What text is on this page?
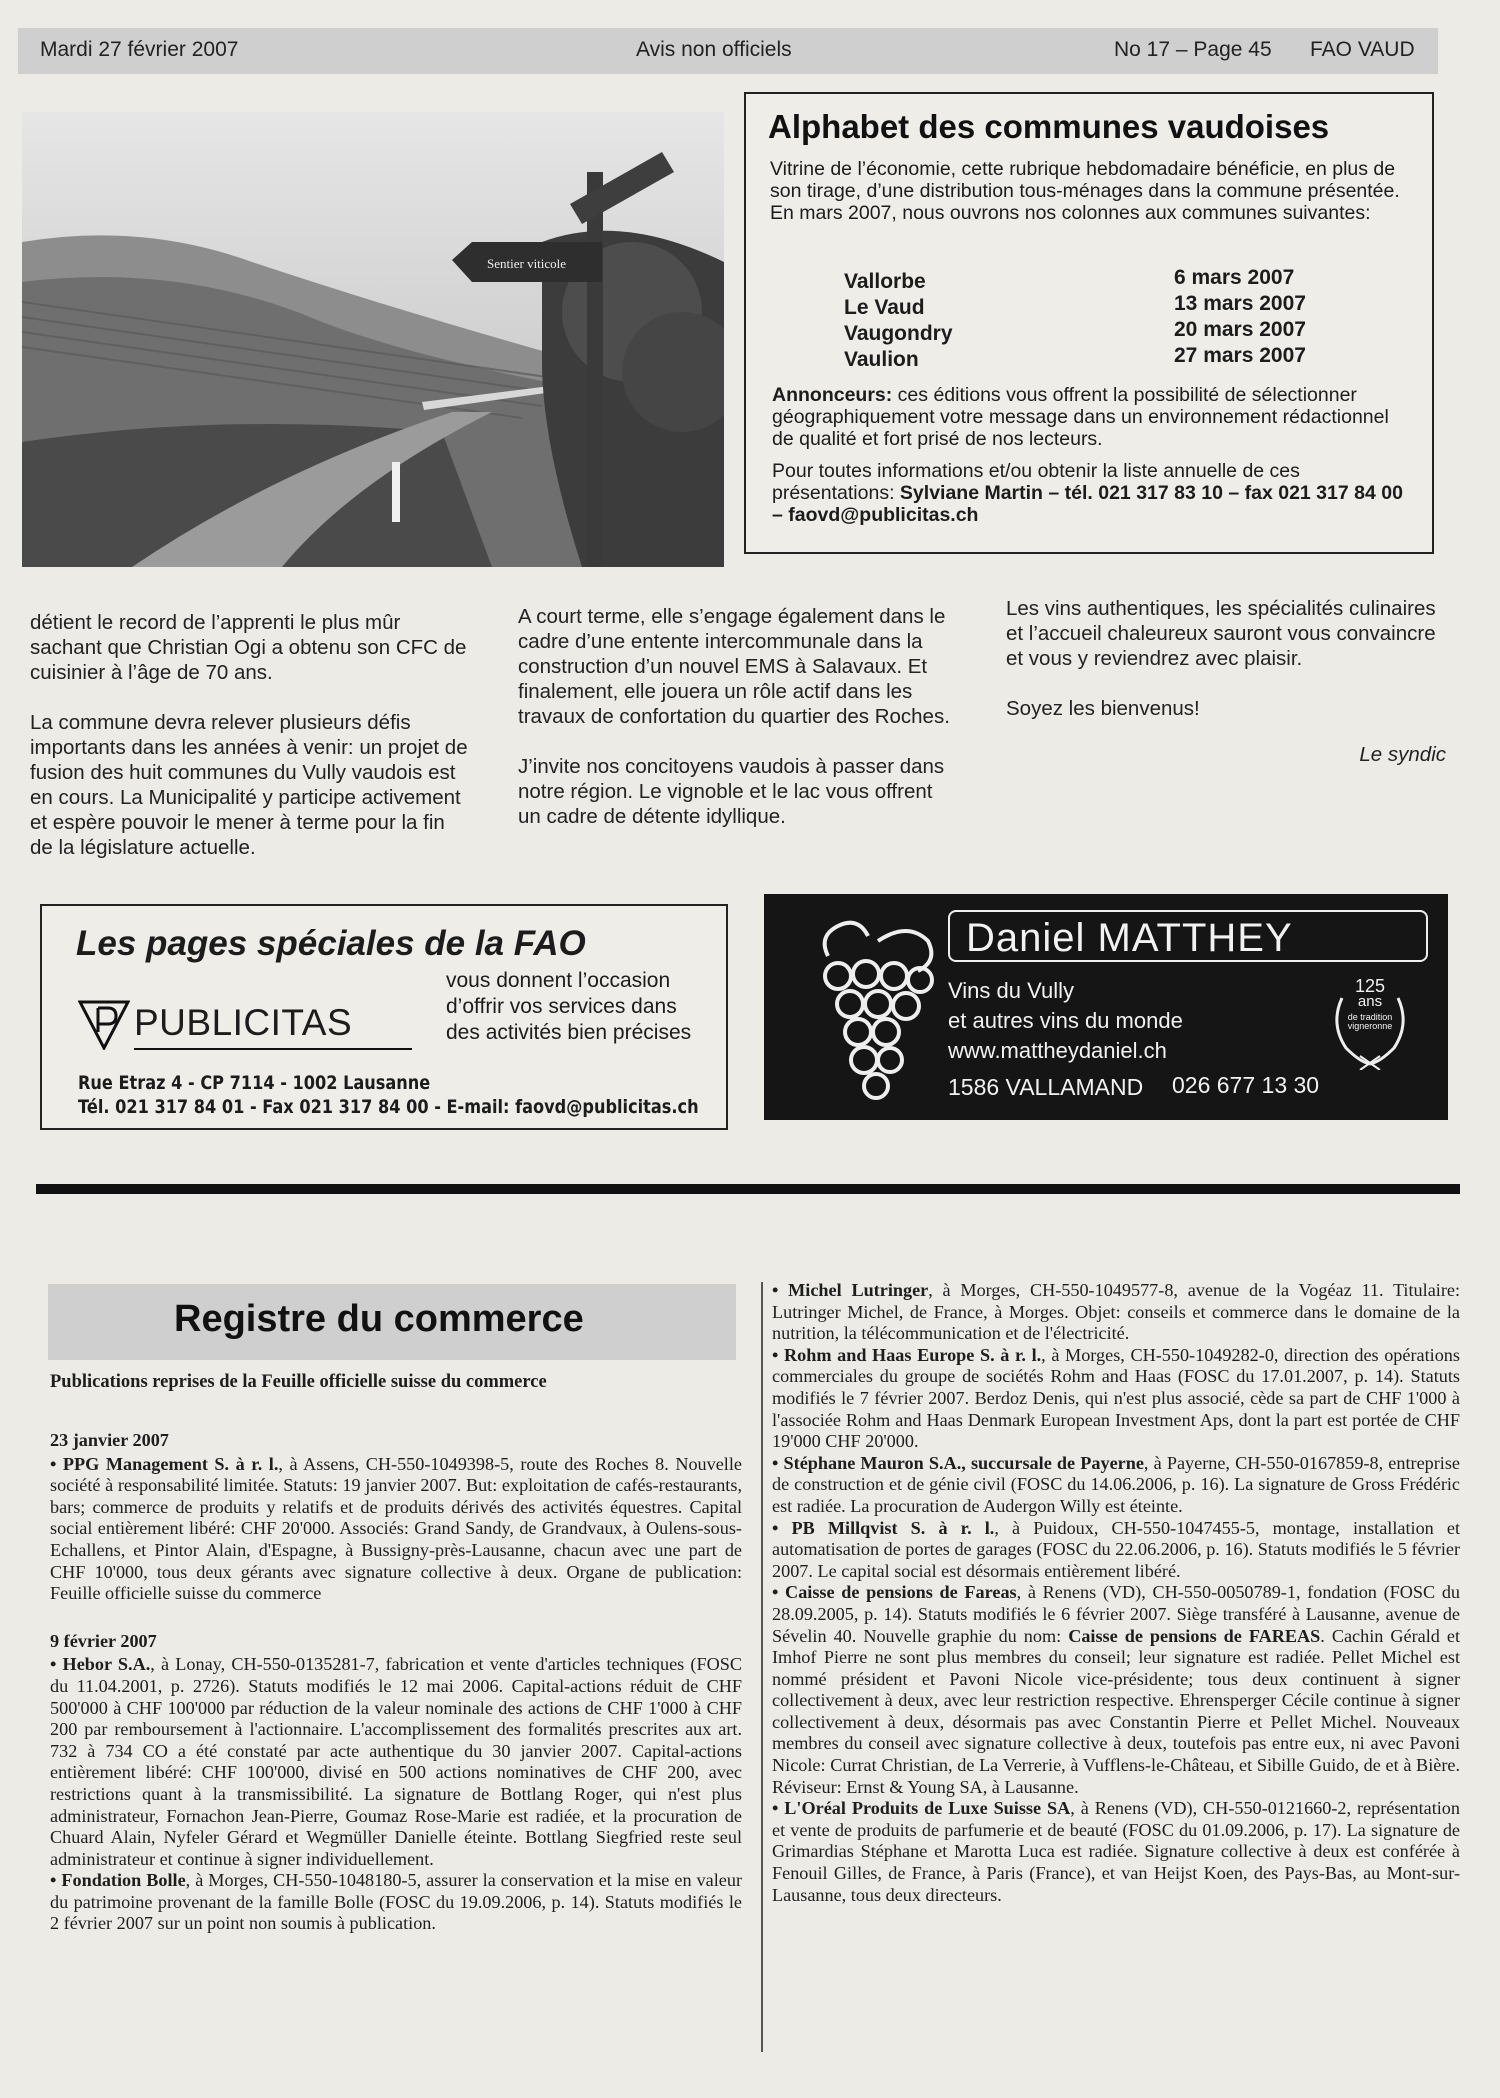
Mardi 27 février 2007	Avis non officiels	No 17 – Page 45 FAO VAUD
Sentier viticole
Alphabet des communes vaudoises
Vitrine de l’économie, cette rubrique hebdomadaire bénéficie, en plus de son tirage, d’une distribution tous-ménages dans la commune présentée. En mars 2007, nous ouvrons nos colonnes aux communes suivantes:
Vallorbe	6 mars 2007
Le Vaud	13 mars 2007
Vaugondry	20 mars 2007
Vaulion	27 mars 2007
Annonceurs: ces éditions vous offrent la possibilité de sélectionner géographiquement votre message dans un environnement rédactionnel de qualité et fort prisé de nos lecteurs.
Pour toutes informations et/ou obtenir la liste annuelle de ces présentations: Sylviane Martin – tél. 021 317 83 10 – fax 021 317 84 00 – faovd@publicitas.ch

détient le record de l’apprenti le plus mûr sachant que Christian Ogi a obtenu son CFC de cuisinier à l’âge de 70 ans.

La commune devra relever plusieurs défis importants dans les années à venir: un projet de fusion des huit communes du Vully vaudois est en cours. La Municipalité y participe activement et espère pouvoir le mener à terme pour la fin de la législature actuelle.

A court terme, elle s’engage également dans le cadre d’une entente intercommunale dans la construction d’un nouvel EMS à Salavaux. Et finalement, elle jouera un rôle actif dans les travaux de confortation du quartier des Roches.

J’invite nos concitoyens vaudois à passer dans notre région. Le vignoble et le lac vous offrent un cadre de détente idyllique.

Les vins authentiques, les spécialités culinaires et l’accueil chaleureux sauront vous convaincre et vous y reviendrez avec plaisir.

Soyez les bienvenus!

Le syndic

Les pages spéciales de la FAO
PUBLICITAS
vous donnent l’occasion d’offrir vos services dans des activités bien précises
Rue Etraz 4 - CP 7114 - 1002 Lausanne
Tél. 021 317 84 01 - Fax 021 317 84 00 - E-mail: faovd@publicitas.ch
Daniel MATTHEY
Vins du Vully
et autres vins du monde
www.mattheydaniel.ch
1586 VALLAMAND 026 677 13 30
125
ans
de tradition
vigneronne
Registre du commerce
Publications reprises de la Feuille officielle suisse du commerce

23 janvier 2007

• PPG Management S. à r. l., à Assens, CH-550-1049398-5, route des Roches 8. Nouvelle société à responsabilité limitée. Statuts: 19 janvier 2007. But: exploitation de cafés-restaurants, bars; commerce de produits y relatifs et de produits dérivés des activités équestres. Capital social entièrement libéré: CHF 20'000. Associés: Grand Sandy, de Grandvaux, à Oulens-sous-Echallens, et Pintor Alain, d'Espagne, à Bussigny-près-Lausanne, chacun avec une part de CHF 10'000, tous deux gérants avec signature collective à deux. Organe de publication: Feuille officielle suisse du commerce

9 février 2007

• Hebor S.A., à Lonay, CH-550-0135281-7, fabrication et vente d'articles techniques (FOSC du 11.04.2001, p. 2726). Statuts modifiés le 12 mai 2006. Capital-actions réduit de CHF 500'000 à CHF 100'000 par réduction de la valeur nominale des actions de CHF 1'000 à CHF 200 par remboursement à l'actionnaire. L'accomplissement des formalités prescrites aux art. 732 à 734 CO a été constaté par acte authentique du 30 janvier 2007. Capital-actions entièrement libéré: CHF 100'000, divisé en 500 actions nominatives de CHF 200, avec restrictions quant à la transmissibilité. La signature de Bottlang Roger, qui n'est plus administrateur, Fornachon Jean-Pierre, Goumaz Rose-Marie est radiée, et la procuration de Chuard Alain, Nyfeler Gérard et Wegmüller Danielle éteinte. Bottlang Siegfried reste seul administrateur et continue à signer individuellement.

• Fondation Bolle, à Morges, CH-550-1048180-5, assurer la conservation et la mise en valeur du patrimoine provenant de la famille Bolle (FOSC du 19.09.2006, p. 14). Statuts modifiés le 2 février 2007 sur un point non soumis à publication.

• Michel Lutringer, à Morges, CH-550-1049577-8, avenue de la Vogéaz 11. Titulaire: Lutringer Michel, de France, à Morges. Objet: conseils et commerce dans le domaine de la nutrition, la télécommunication et de l'électricité.

• Rohm and Haas Europe S. à r. l., à Morges, CH-550-1049282-0, direction des opérations commerciales du groupe de sociétés Rohm and Haas (FOSC du 17.01.2007, p. 14). Statuts modifiés le 7 février 2007. Berdoz Denis, qui n'est plus associé, cède sa part de CHF 1'000 à l'associée Rohm and Haas Denmark European Investment Aps, dont la part est portée de CHF 19'000 CHF 20'000.

• Stéphane Mauron S.A., succursale de Payerne, à Payerne, CH-550-0167859-8, entreprise de construction et de génie civil (FOSC du 14.06.2006, p. 16). La signature de Gross Frédéric est radiée. La procuration de Audergon Willy est éteinte.

• PB Millqvist S. à r. l., à Puidoux, CH-550-1047455-5, montage, installation et automatisation de portes de garages (FOSC du 22.06.2006, p. 16). Statuts modifiés le 5 février 2007. Le capital social est désormais entièrement libéré.

• Caisse de pensions de Fareas, à Renens (VD), CH-550-0050789-1, fondation (FOSC du 28.09.2005, p. 14). Statuts modifiés le 6 février 2007. Siège transféré à Lausanne, avenue de Sévelin 40. Nouvelle graphie du nom: Caisse de pensions de FAREAS. Cachin Gérald et Imhof Pierre ne sont plus membres du conseil; leur signature est radiée. Pellet Michel est nommé président et Pavoni Nicole vice-présidente; tous deux continuent à signer collectivement à deux, avec leur restriction respective. Ehrensperger Cécile continue à signer collectivement à deux, désormais pas avec Constantin Pierre et Pellet Michel. Nouveaux membres du conseil avec signature collective à deux, toutefois pas entre eux, ni avec Pavoni Nicole: Currat Christian, de La Verrerie, à Vufflens-le-Château, et Sibille Guido, de et à Bière. Réviseur: Ernst & Young SA, à Lausanne.

• L'Oréal Produits de Luxe Suisse SA, à Renens (VD), CH-550-0121660-2, représentation et vente de produits de parfumerie et de beauté (FOSC du 01.09.2006, p. 17). La signature de Grimardias Stéphane et Marotta Luca est radiée. Signature collective à deux est conférée à Fenouil Gilles, de France, à Paris (France), et van Heijst Koen, des Pays-Bas, au Mont-sur-Lausanne, tous deux directeurs.
